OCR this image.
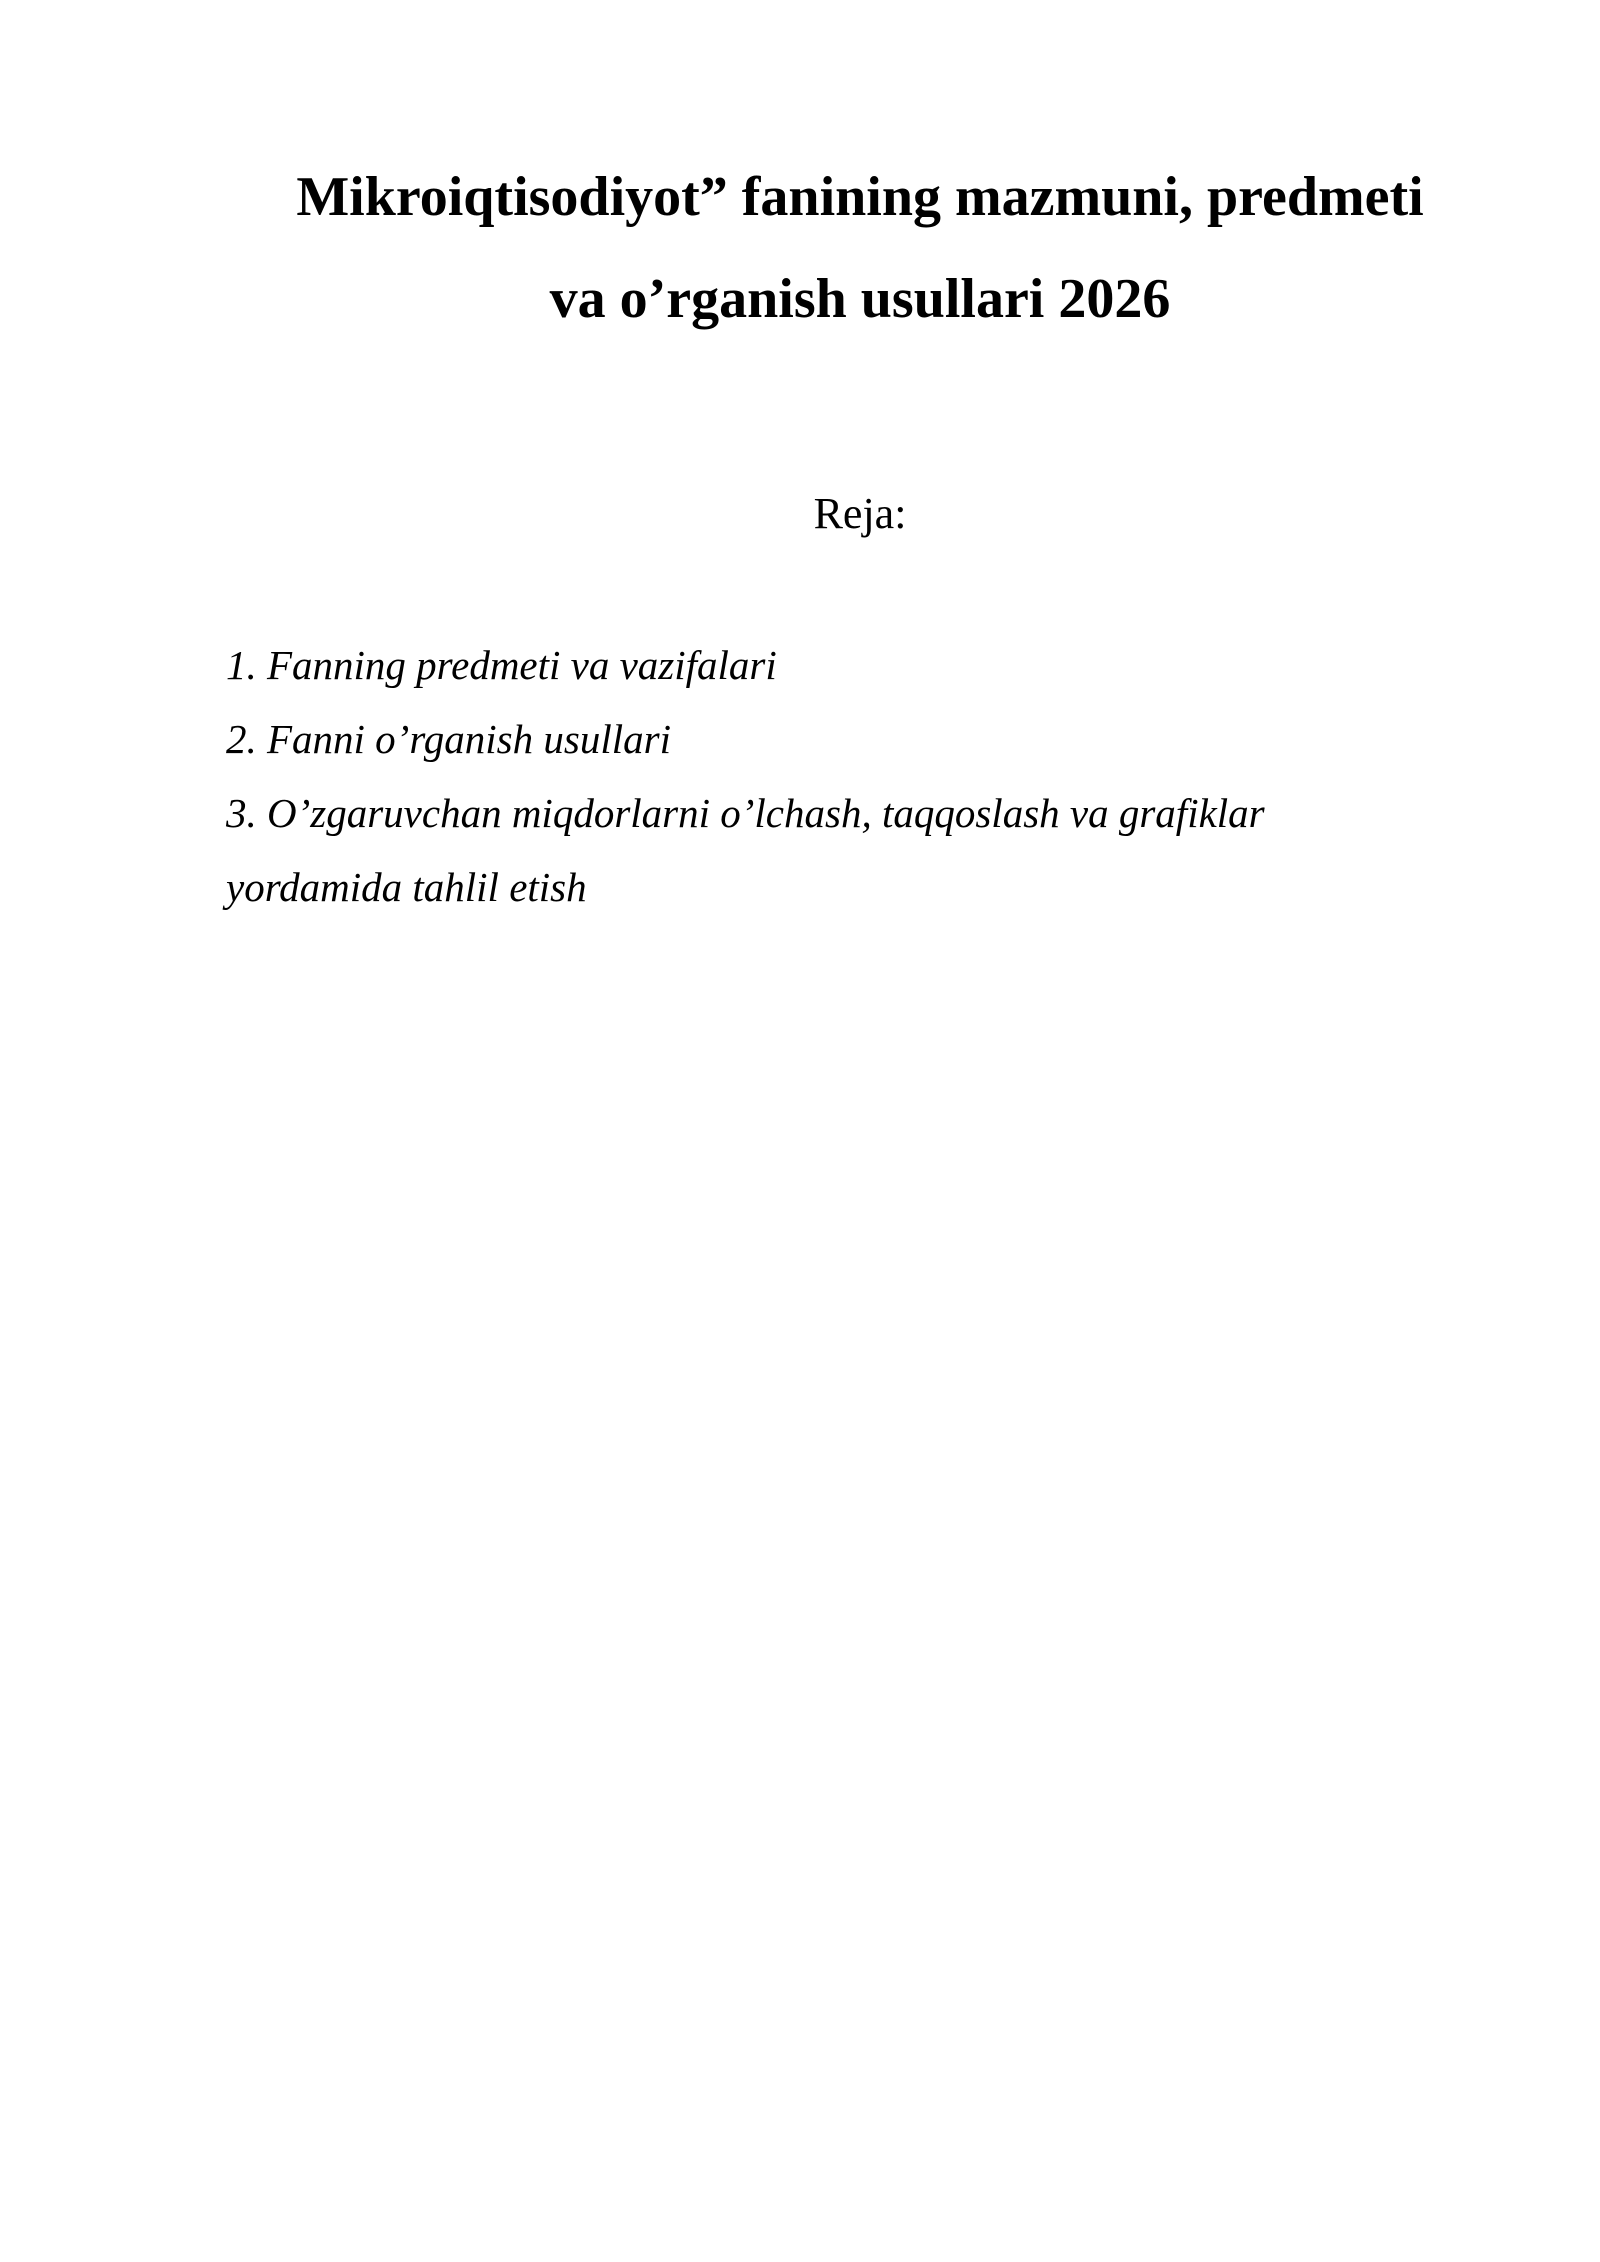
Mikroiqtisodiyot” fanining mazmuni, predmeti
va o’rganish usullari 2026

Reja:

1. Fanning predmeti va vazifalari
2. Fanni o’rganish usullari
3. O’zgaruvchan miqdorlarni o’lchash, taqqoslash va grafiklar yordamida tahlil etish
